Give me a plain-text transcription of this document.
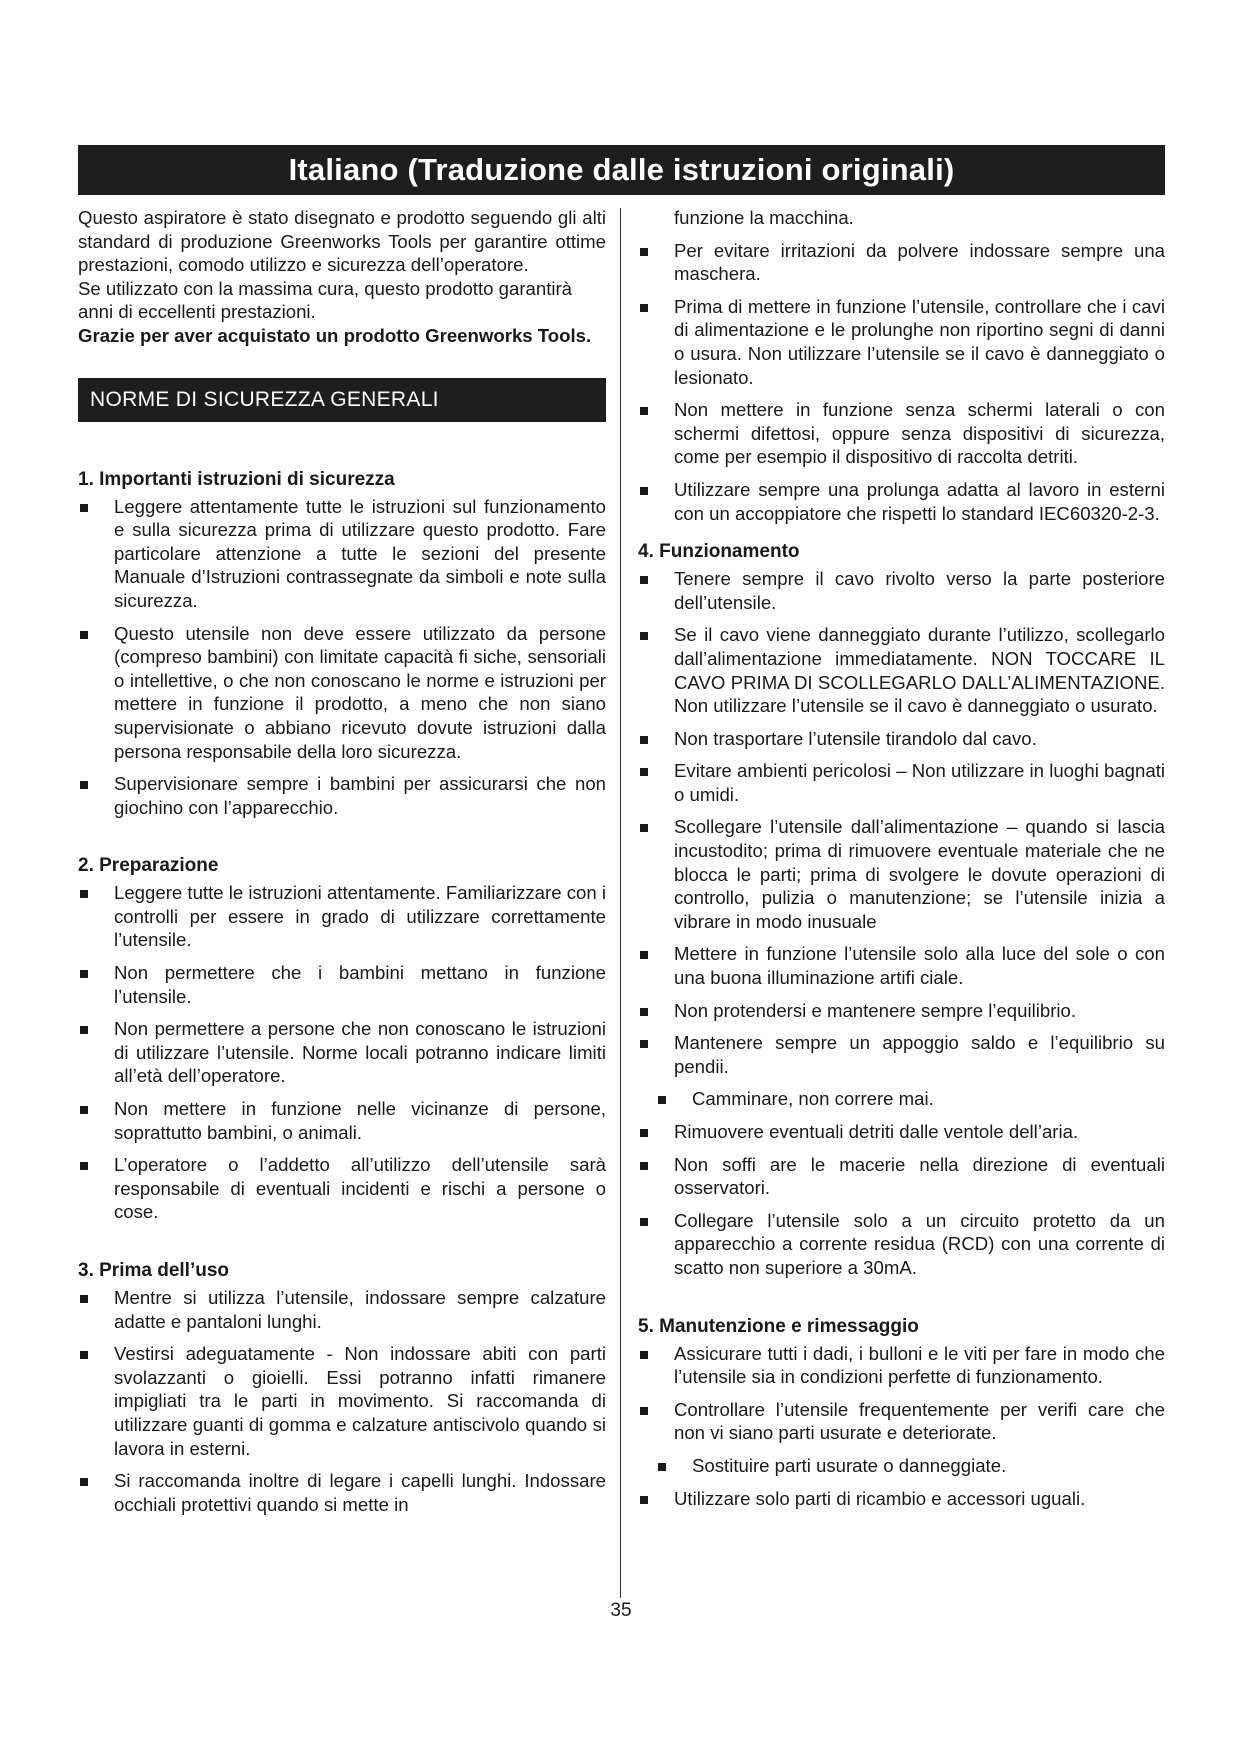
Italiano (Traduzione dalle istruzioni originali)

Questo aspiratore è stato disegnato e prodotto seguendo gli alti standard di produzione Greenworks Tools per garantire ottime prestazioni, comodo utilizzo e sicurezza dell’operatore.

Se utilizzato con la massima cura, questo prodotto garantirà anni di eccellenti prestazioni.

Grazie per aver acquistato un prodotto Greenworks Tools.

NORME DI SICUREZZA GENERALI
1. Importanti istruzioni di sicurezza
Leggere attentamente tutte le istruzioni sul funzionamento e sulla sicurezza prima di utilizzare questo prodotto. Fare particolare attenzione a tutte le sezioni del presente Manuale d’Istruzioni contrassegnate da simboli e note sulla sicurezza.
Questo utensile non deve essere utilizzato da persone (compreso bambini) con limitate capacità fi siche, sensoriali o intellettive, o che non conoscano le norme e istruzioni per mettere in funzione il prodotto, a meno che non siano supervisionate o abbiano ricevuto dovute istruzioni dalla persona responsabile della loro sicurezza.
Supervisionare sempre i bambini per assicurarsi che non giochino con l’apparecchio.
2. Preparazione
Leggere tutte le istruzioni attentamente. Familiarizzare con i controlli per essere in grado di utilizzare correttamente l’utensile.
Non permettere che i bambini mettano in funzione l’utensile.
Non permettere a persone che non conoscano le istruzioni di utilizzare l’utensile. Norme locali potranno indicare limiti all’età dell’operatore.
Non mettere in funzione nelle vicinanze di persone, soprattutto bambini, o animali.
L’operatore o l’addetto all’utilizzo dell’utensile sarà responsabile di eventuali incidenti e rischi a persone o cose.
3. Prima dell’uso
Mentre si utilizza l’utensile, indossare sempre calzature adatte e pantaloni lunghi.
Vestirsi adeguatamente - Non indossare abiti con parti svolazzanti o gioielli. Essi potranno infatti rimanere impigliati tra le parti in movimento. Si raccomanda di utilizzare guanti di gomma e calzature antiscivolo quando si lavora in esterni.
Si raccomanda inoltre di legare i capelli lunghi. Indossare occhiali protettivi quando si mette in
funzione la macchina.
Per evitare irritazioni da polvere indossare sempre una maschera.
Prima di mettere in funzione l’utensile, controllare che i cavi di alimentazione e le prolunghe non riportino segni di danni o usura. Non utilizzare l’utensile se il cavo è danneggiato o lesionato.
Non mettere in funzione senza schermi laterali o con schermi difettosi, oppure senza dispositivi di sicurezza, come per esempio il dispositivo di raccolta detriti.
Utilizzare sempre una prolunga adatta al lavoro in esterni con un accoppiatore che rispetti lo standard IEC60320-2-3.
4. Funzionamento
Tenere sempre il cavo rivolto verso la parte posteriore dell’utensile.
Se il cavo viene danneggiato durante l’utilizzo, scollegarlo dall’alimentazione immediatamente. NON TOCCARE IL CAVO PRIMA DI SCOLLEGARLO DALL’ALIMENTAZIONE. Non utilizzare l’utensile se il cavo è danneggiato o usurato.
Non trasportare l’utensile tirandolo dal cavo.
Evitare ambienti pericolosi – Non utilizzare in luoghi bagnati o umidi.
Scollegare l’utensile dall’alimentazione – quando si lascia incustodito; prima di rimuovere eventuale materiale che ne blocca le parti; prima di svolgere le dovute operazioni di controllo, pulizia o manutenzione; se l’utensile inizia a vibrare in modo inusuale
Mettere in funzione l’utensile solo alla luce del sole o con una buona illuminazione artifi ciale.
Non protendersi e mantenere sempre l’equilibrio.
Mantenere sempre un appoggio saldo e l’equilibrio su pendii.
Camminare, non correre mai.
Rimuovere eventuali detriti dalle ventole dell’aria.
Non soffi are le macerie nella direzione di eventuali osservatori.
Collegare l’utensile solo a un circuito protetto da un apparecchio a corrente residua (RCD) con una corrente di scatto non superiore a 30mA.
5. Manutenzione e rimessaggio
Assicurare tutti i dadi, i bulloni e le viti per fare in modo che l’utensile sia in condizioni perfette di funzionamento.
Controllare l’utensile frequentemente per verifi care che non vi siano parti usurate e deteriorate.
Sostituire parti usurate o danneggiate.
Utilizzare solo parti di ricambio e accessori uguali.
35
